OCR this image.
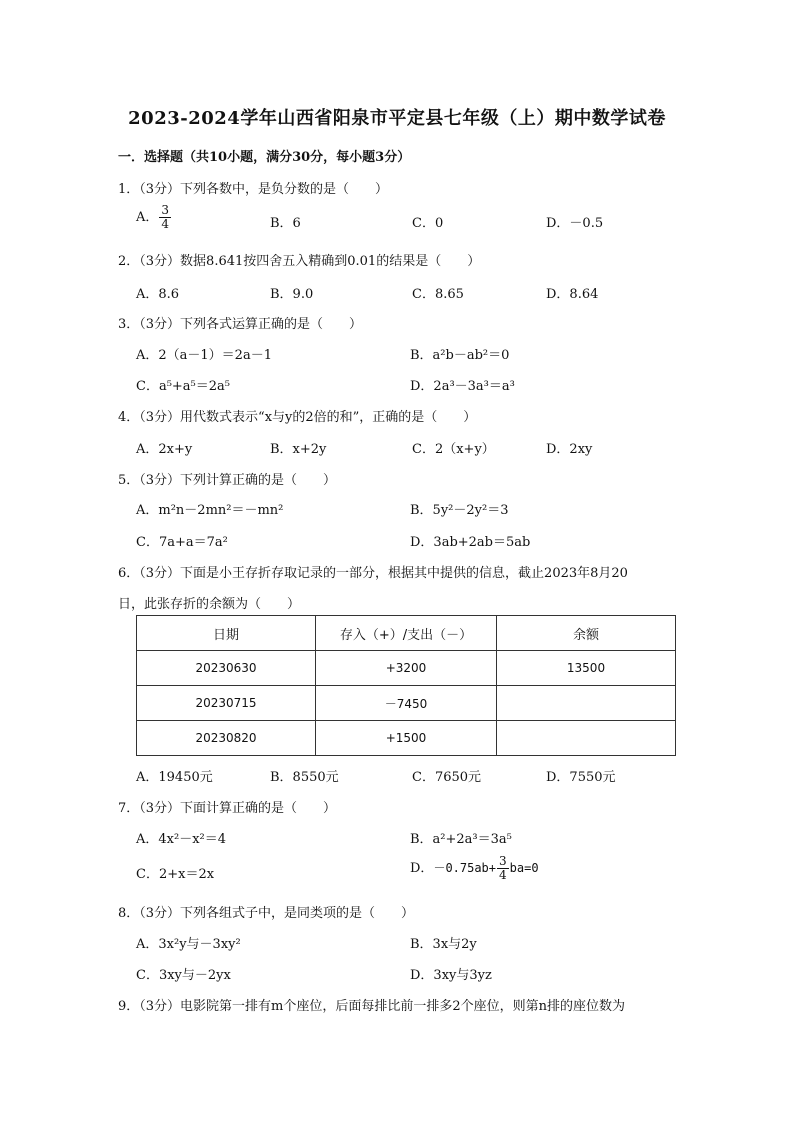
2023-2024学年山西省阳泉市平定县七年级（上）期中数学试卷
一．选择题（共10小题，满分30分，每小题3分）
1．（3分）下列各数中，是负分数的是（　　）
A． $\frac{3}{4}$	B．6	C．0	D．－0.5
2．（3分）数据8.641按四舍五入精确到0.01的结果是（　　）
A．8.6	B．9.0	C．8.65	D．8.64
3．（3分）下列各式运算正确的是（　　）
A．2（a－1）＝2a－1	B．a²b－ab²＝0
C．a⁵+a⁵＝2a⁵	D．2a³－3a³＝a³
4．（3分）用代数式表示“x与y的2倍的和”，正确的是（　　）
A．2x+y	B．x+2y	C．2（x+y）	D．2xy
5．（3分）下列计算正确的是（　　）
A．m²n－2mn²＝－mn²	B．5y²－2y²＝3
C．7a+a＝7a²	D．3ab+2ab＝5ab
6．（3分）下面是小王存折存取记录的一部分，根据其中提供的信息，截止2023年8月20
日，此张存折的余额为（　　）
日期	存入（+）/支出（－）	余额
20230630	+3200	13500
20230715	－7450	
20230820	+1500	
A．19450元	B．8550元	C．7650元	D．7550元
7．（3分）下面计算正确的是（　　）
A．4x²－x²＝4	B．a²+2a³＝3a⁵
C．2+x＝2x	D．$-0.75ab+ \frac{3}{4} ba=0$
8．（3分）下列各组式子中，是同类项的是（　　）
A．3x²y与－3xy²	B．3x与2y
C．3xy与－2yx	D．3xy与3yz
9．（3分）电影院第一排有m个座位，后面每排比前一排多2个座位，则第n排的座位数为
